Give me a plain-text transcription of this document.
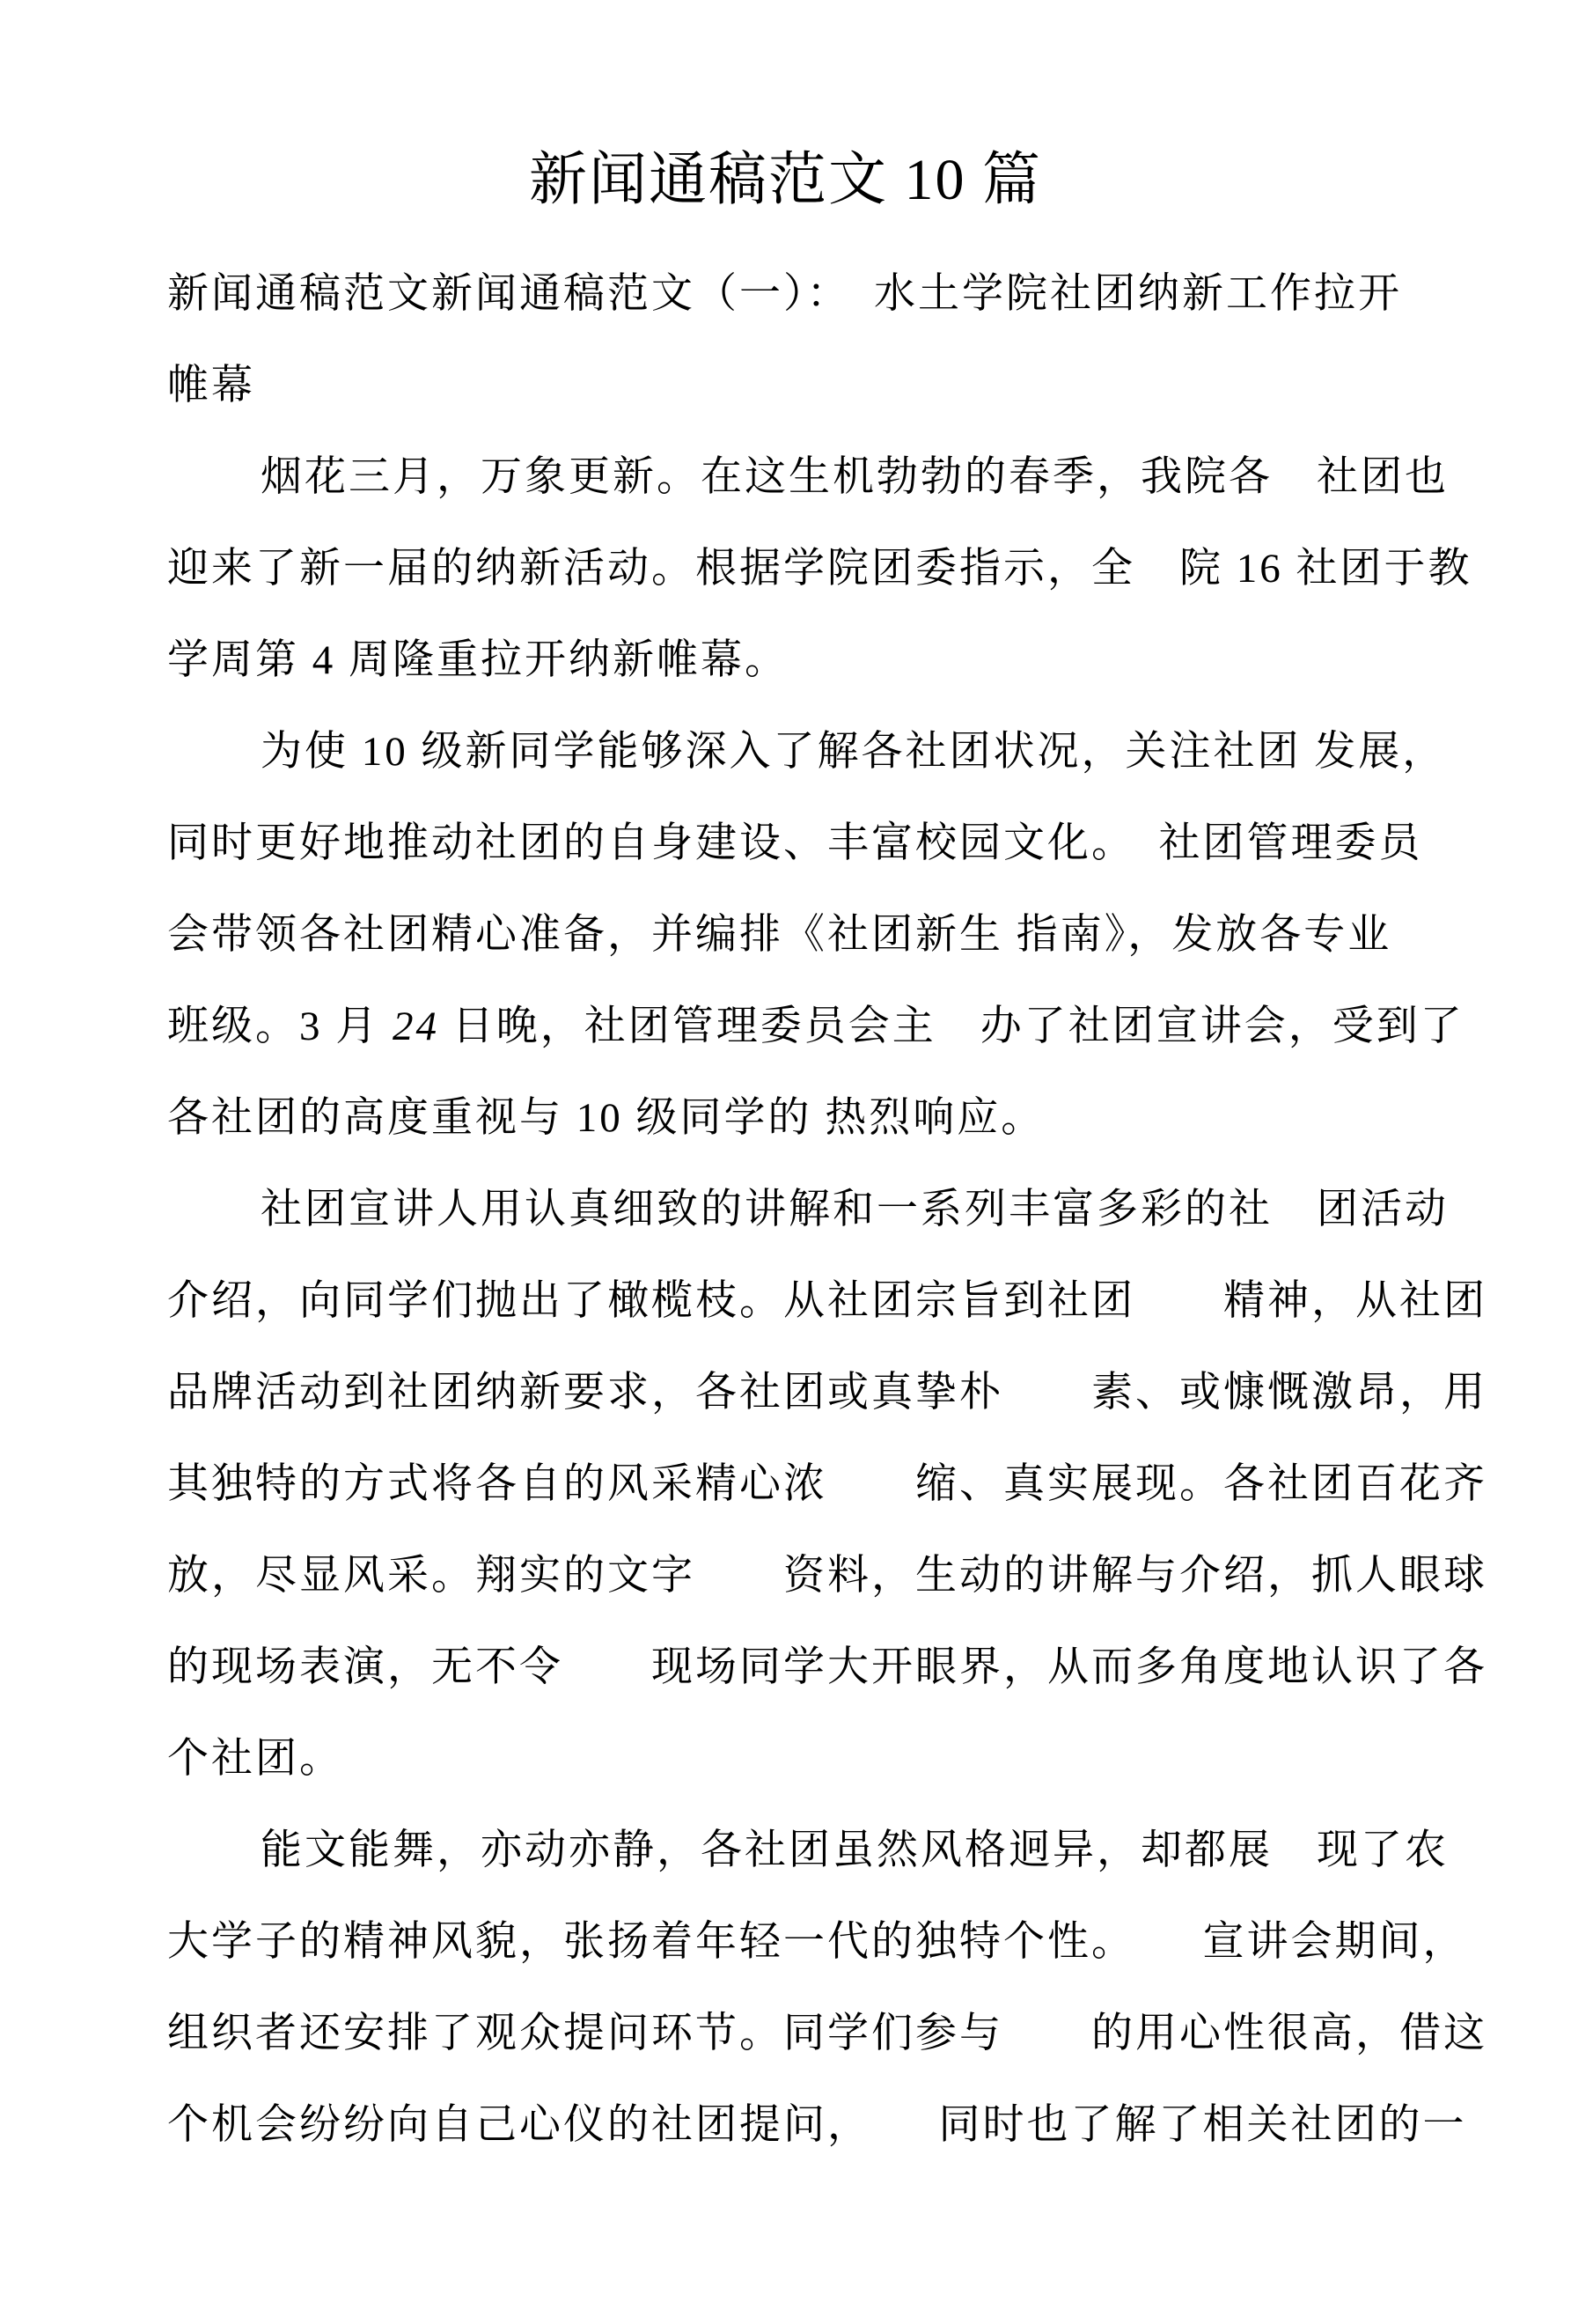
新闻通稿范文 10 篇
新闻通稿范文新闻通稿范文（一）：　水土学院社团纳新工作拉开
帷幕
烟花三月，万象更新。在这生机勃勃的春季，我院各　社团也
迎来了新一届的纳新活动。根据学院团委指示，全　院 16 社团于教
学周第 4 周隆重拉开纳新帷幕。
为使 10 级新同学能够深入了解各社团状况，关注社团 发展，
同时更好地推动社团的自身建设、丰富校园文化。　社团管理委员
会带领各社团精心准备，并编排《社团新生 指南》，发放各专业
班级。3 月 24 日晚，社团管理委员会主　办了社团宣讲会，受到了
各社团的高度重视与 10 级同学的 热烈响应。
社团宣讲人用认真细致的讲解和一系列丰富多彩的社　团活动
介绍，向同学们抛出了橄榄枝。从社团宗旨到社团　　精神，从社团
品牌活动到社团纳新要求，各社团或真挚朴　　素、或慷慨激昂，用
其独特的方式将各自的风采精心浓　　缩、真实展现。各社团百花齐
放，尽显风采。翔实的文字　　资料，生动的讲解与介绍，抓人眼球
的现场表演，无不令　　现场同学大开眼界，从而多角度地认识了各
个社团。
能文能舞，亦动亦静，各社团虽然风格迥异，却都展　现了农
大学子的精神风貌，张扬着年轻一代的独特个性。　　宣讲会期间，
组织者还安排了观众提问环节。同学们参与　　的用心性很高，借这
个机会纷纷向自己心仪的社团提问，　　同时也了解了相关社团的一
